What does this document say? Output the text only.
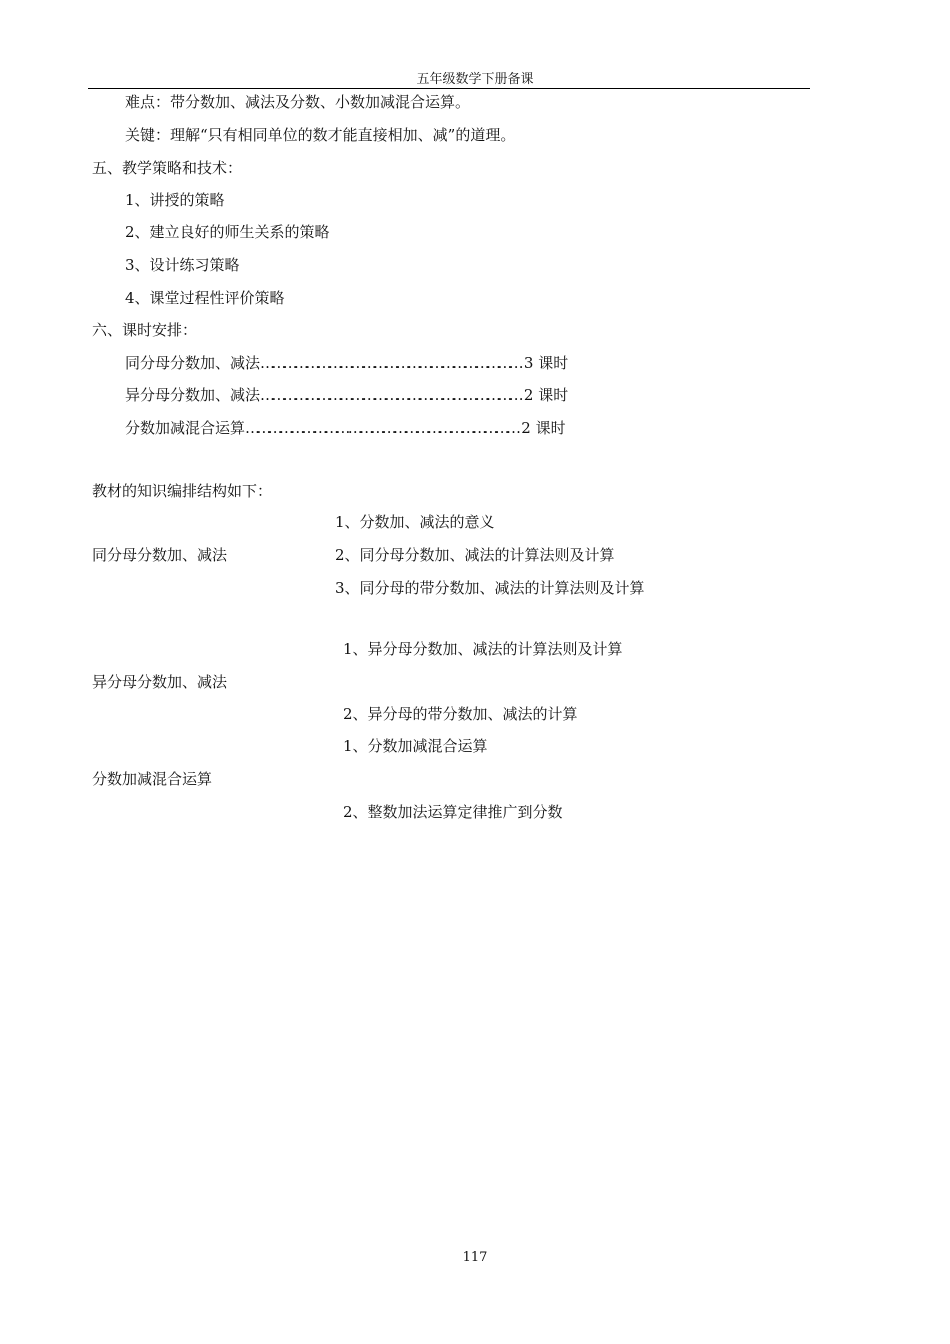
五年级数学下册备课
难点：带分数加、减法及分数、小数加减混合运算。
关键：理解“只有相同单位的数才能直接相加、减”的道理。
五、教学策略和技术：
1、讲授的策略
2、建立良好的师生关系的策略
3、设计练习策略
4、课堂过程性评价策略
六、课时安排：
同分母分数加、减法…………………………………………………………… 3 课时
异分母分数加、减法…………………………………………………………… 2 课时
分数加减混合运算……………………… ……………………………………… 2 课时
教材的知识编排结构如下：
1、分数加、减法的意义
同分母分数加、减法	2、同分母分数加、减法的计算法则及计算
3、同分母的带分数加、减法的计算法则及计算
1、异分母分数加、减法的计算法则及计算
异分母分数加、减法
2、异分母的带分数加、减法的计算
1、分数加减混合运算
分数加减混合运算
2、整数加法运算定律推广到分数
117
